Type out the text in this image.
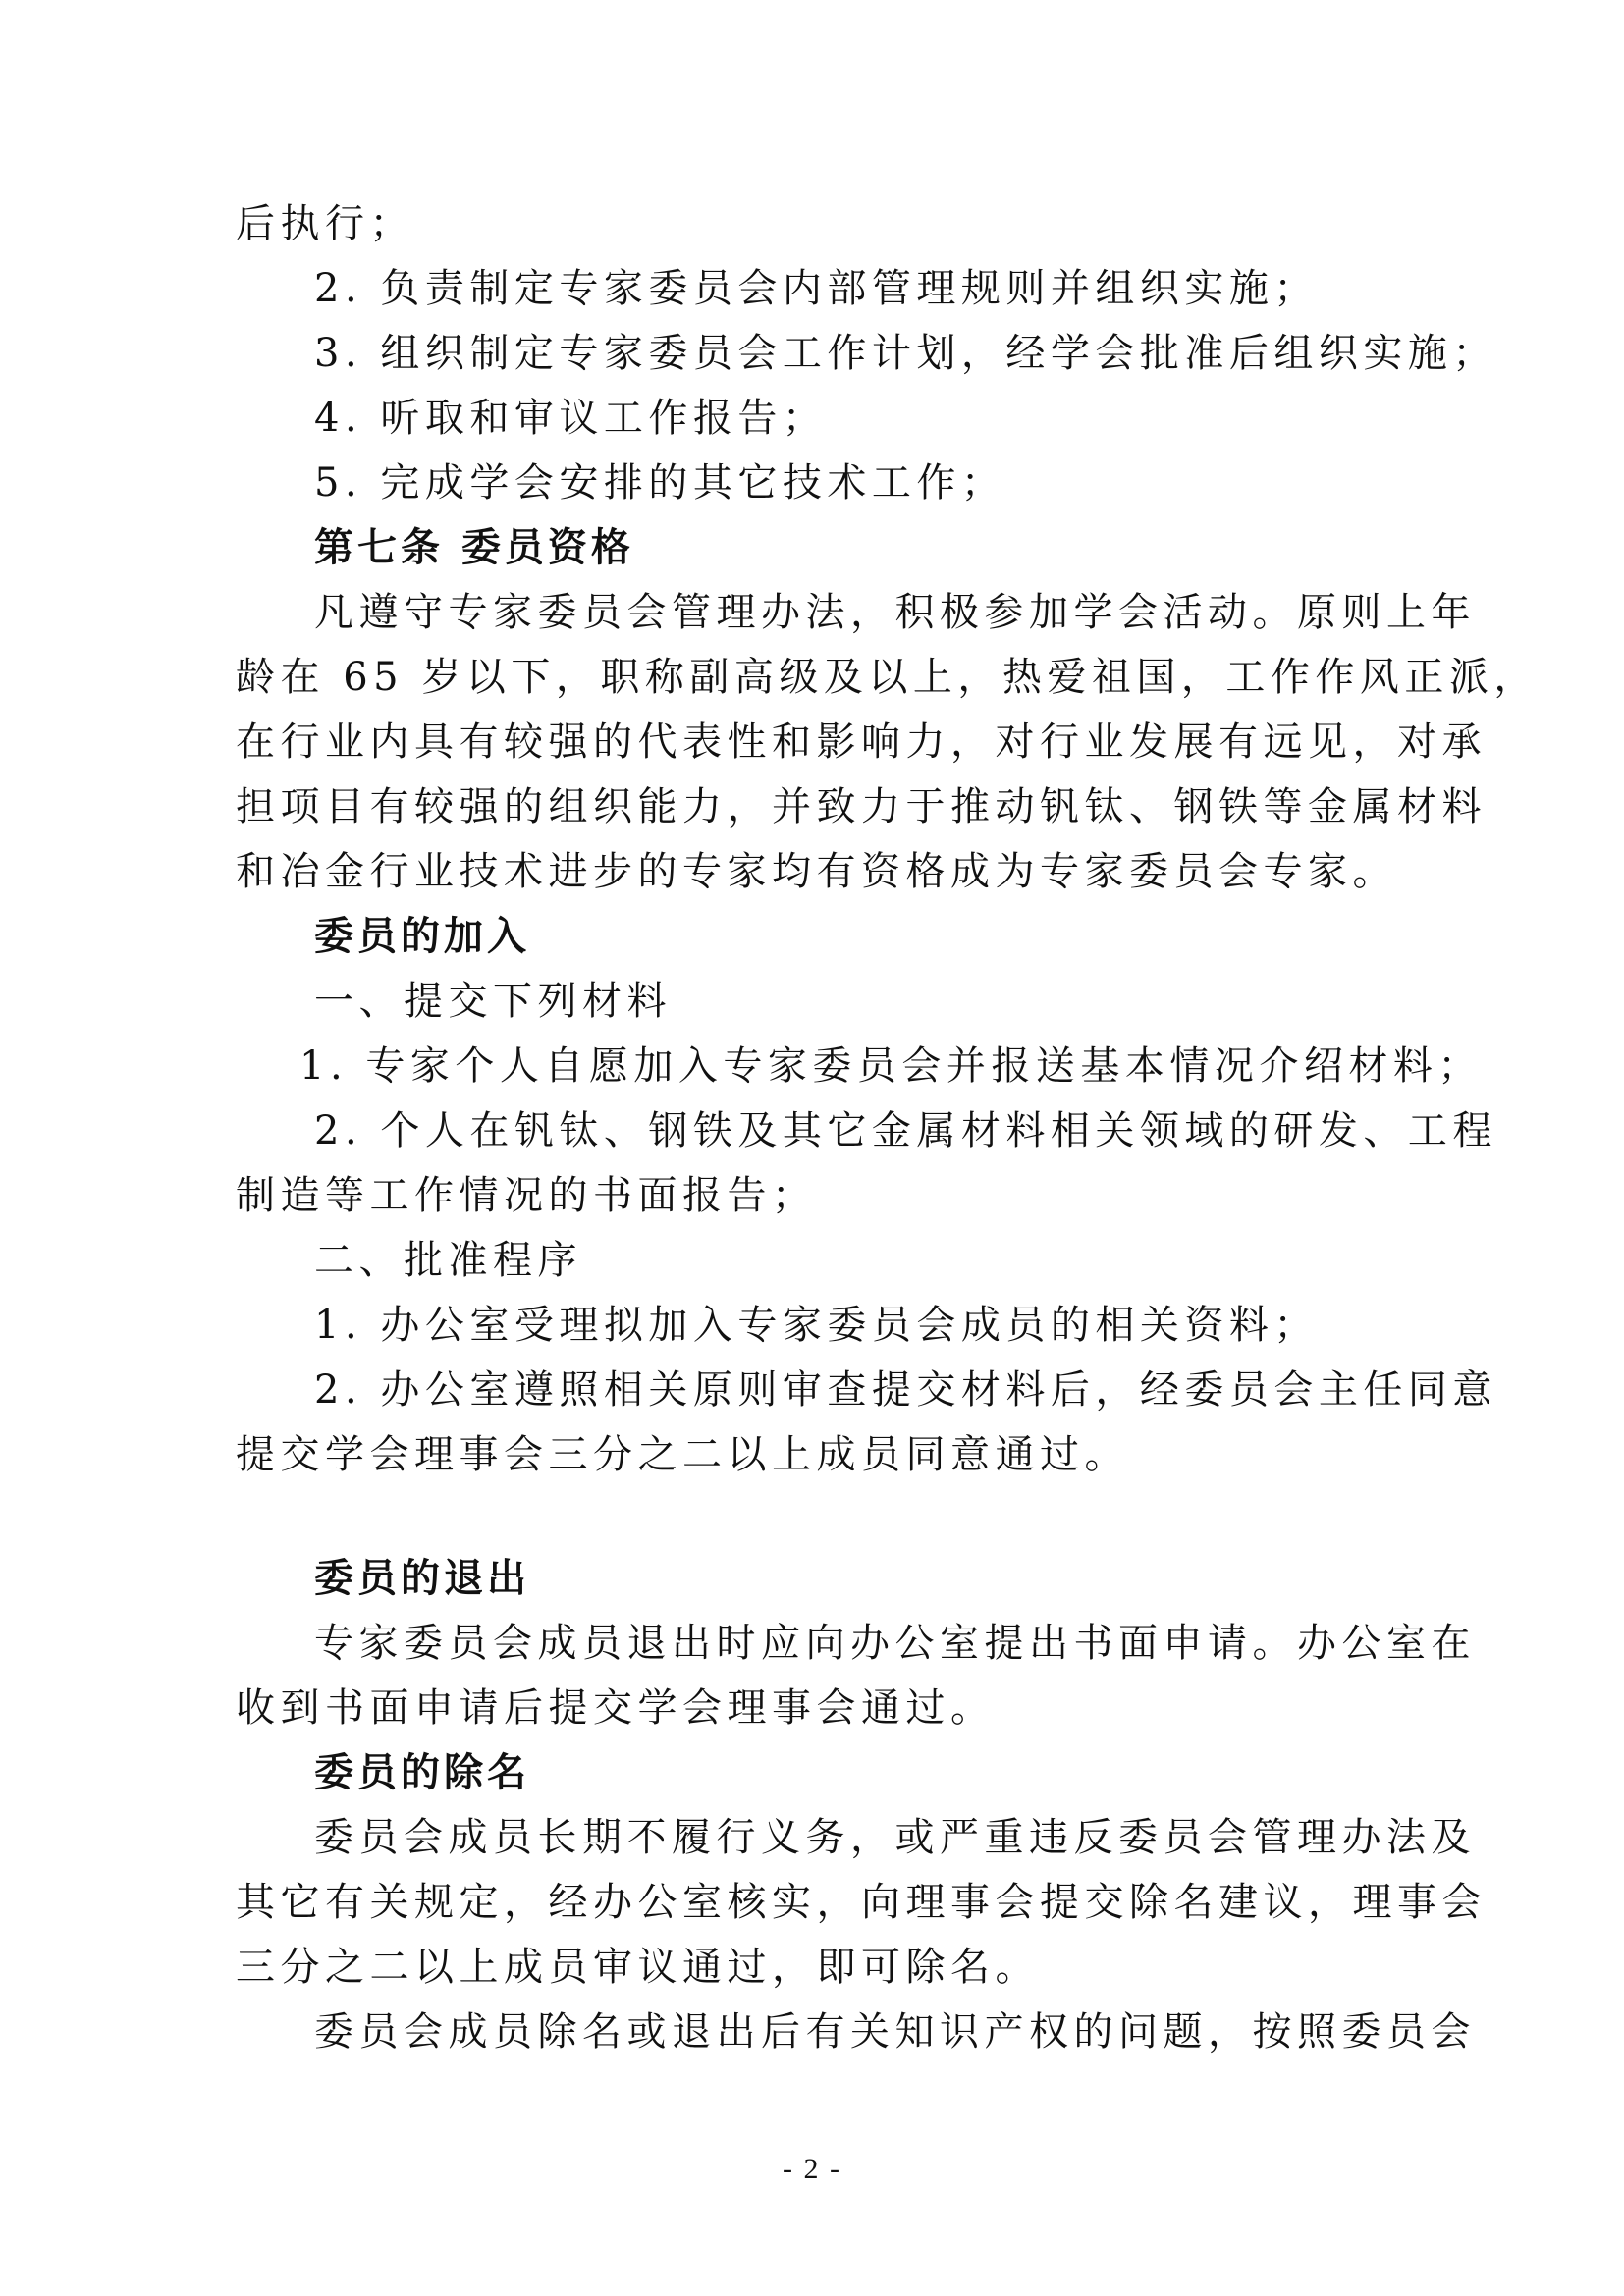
后执行；
2. 负责制定专家委员会内部管理规则并组织实施；
3. 组织制定专家委员会工作计划，经学会批准后组织实施；
4. 听取和审议工作报告；
5. 完成学会安排的其它技术工作；
第七条 委员资格
凡遵守专家委员会管理办法，积极参加学会活动。原则上年
龄在 65 岁以下，职称副高级及以上，热爱祖国，工作作风正派，
在行业内具有较强的代表性和影响力，对行业发展有远见，对承
担项目有较强的组织能力，并致力于推动钒钛、钢铁等金属材料
和冶金行业技术进步的专家均有资格成为专家委员会专家。
委员的加入
一、提交下列材料
1. 专家个人自愿加入专家委员会并报送基本情况介绍材料；
2. 个人在钒钛、钢铁及其它金属材料相关领域的研发、工程
制造等工作情况的书面报告；
二、批准程序
1. 办公室受理拟加入专家委员会成员的相关资料；
2. 办公室遵照相关原则审查提交材料后，经委员会主任同意
提交学会理事会三分之二以上成员同意通过。
委员的退出
专家委员会成员退出时应向办公室提出书面申请。办公室在
收到书面申请后提交学会理事会通过。
委员的除名
委员会成员长期不履行义务，或严重违反委员会管理办法及
其它有关规定，经办公室核实，向理事会提交除名建议，理事会
三分之二以上成员审议通过，即可除名。
委员会成员除名或退出后有关知识产权的问题，按照委员会
- 2 -
